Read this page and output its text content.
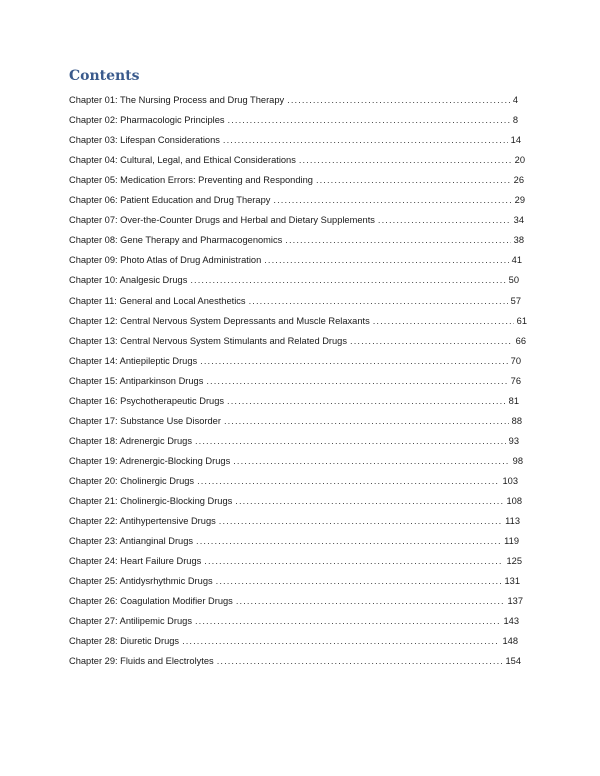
Contents
Chapter 01: The Nursing Process and Drug Therapy .....	4
Chapter 02: Pharmacologic Principles .....	8
Chapter 03: Lifespan Considerations .....	14
Chapter 04: Cultural, Legal, and Ethical Considerations .....	20
Chapter 05: Medication Errors: Preventing and Responding .....	26
Chapter 06: Patient Education and Drug Therapy .....	29
Chapter 07: Over-the-Counter Drugs and Herbal and Dietary Supplements .....	34
Chapter 08: Gene Therapy and Pharmacogenomics .....	38
Chapter 09: Photo Atlas of Drug Administration .....	41
Chapter 10: Analgesic Drugs .....	50
Chapter 11: General and Local Anesthetics .....	57
Chapter 12: Central Nervous System Depressants and Muscle Relaxants .....	61
Chapter 13: Central Nervous System Stimulants and Related Drugs .....	66
Chapter 14: Antiepileptic Drugs .....	70
Chapter 15: Antiparkinson Drugs .....	76
Chapter 16: Psychotherapeutic Drugs .....	81
Chapter 17: Substance Use Disorder .....	88
Chapter 18: Adrenergic Drugs .....	93
Chapter 19: Adrenergic-Blocking Drugs .....	98
Chapter 20: Cholinergic Drugs .....	103
Chapter 21: Cholinergic-Blocking Drugs .....	108
Chapter 22: Antihypertensive Drugs .....	113
Chapter 23: Antianginal Drugs .....	119
Chapter 24: Heart Failure Drugs .....	125
Chapter 25: Antidysrhythmic Drugs .....	131
Chapter 26: Coagulation Modifier Drugs .....	137
Chapter 27: Antilipemic Drugs .....	143
Chapter 28: Diuretic Drugs .....	148
Chapter 29: Fluids and Electrolytes .....	154
